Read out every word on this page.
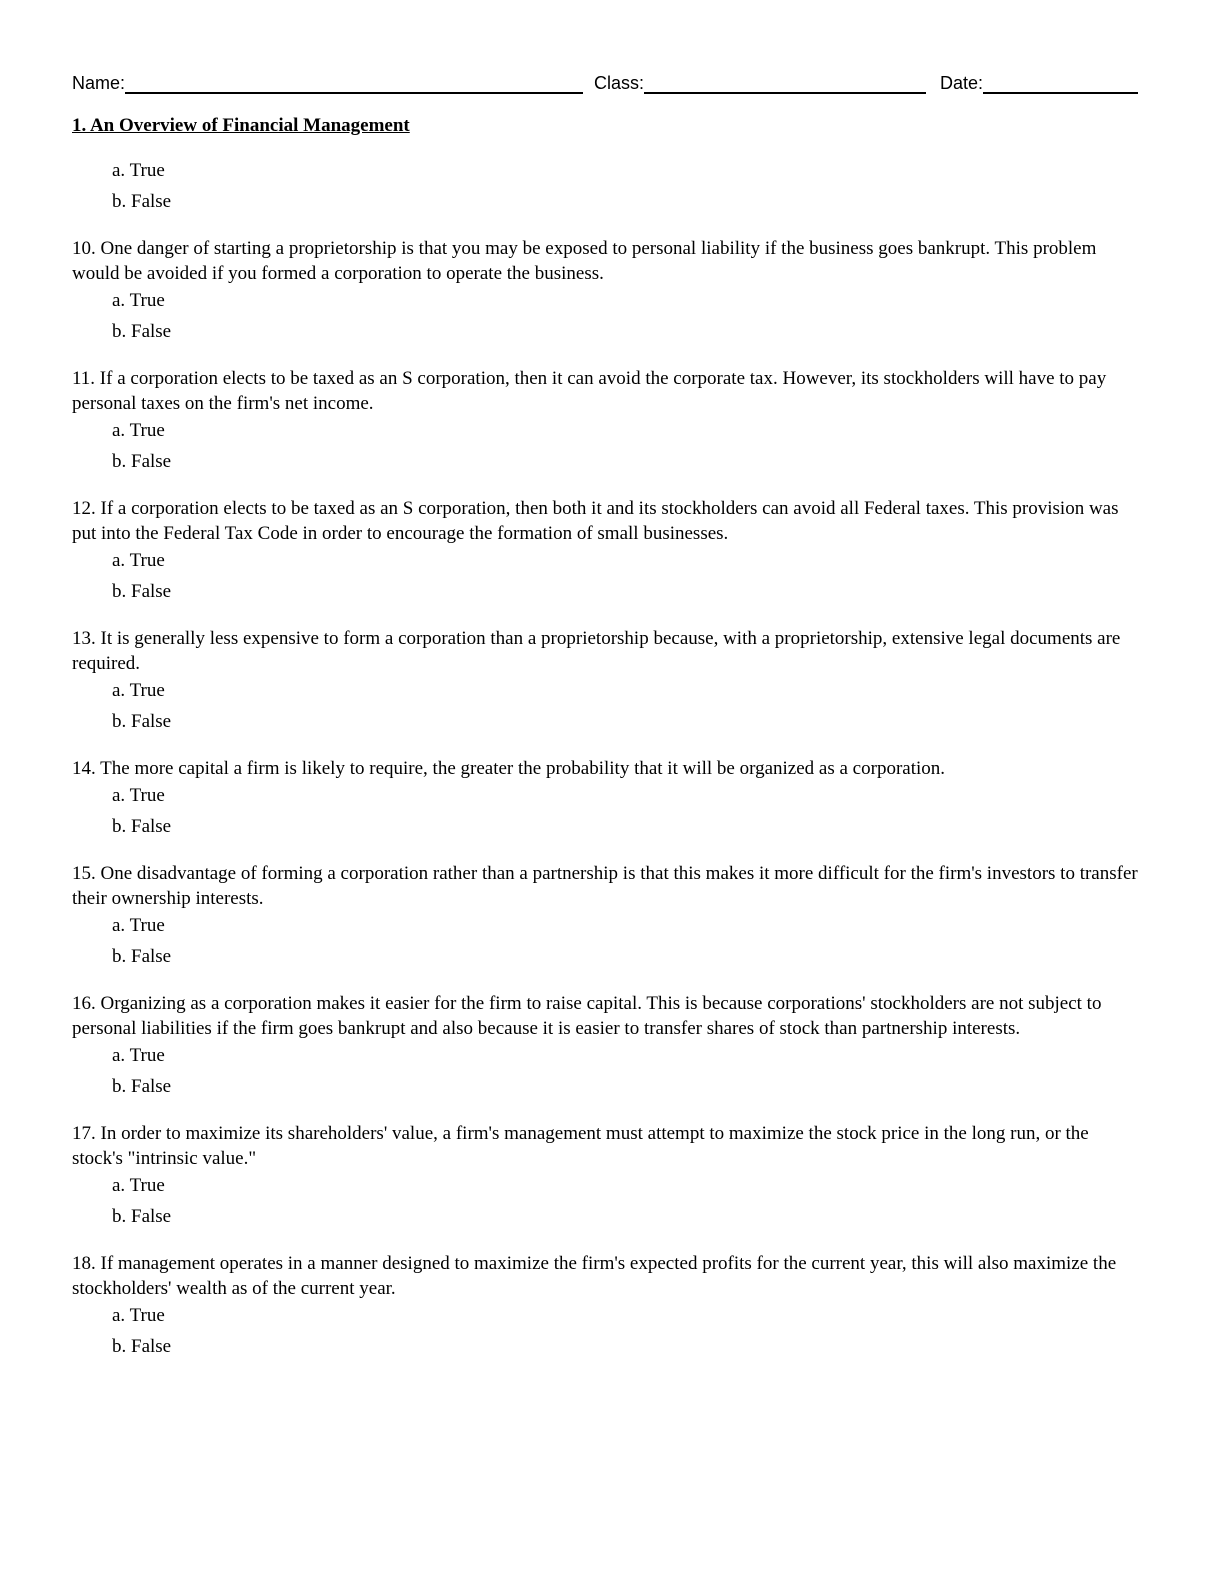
Name:	Class:	Date:
1. An Overview of Financial Management
a. True
b. False

10. One danger of starting a proprietorship is that you may be exposed to personal liability if the business goes bankrupt. This problem would be avoided if you formed a corporation to operate the business.

a. True
b. False

11. If a corporation elects to be taxed as an S corporation, then it can avoid the corporate tax. However, its stockholders will have to pay personal taxes on the firm's net income.

a. True
b. False

12. If a corporation elects to be taxed as an S corporation, then both it and its stockholders can avoid all Federal taxes. This provision was put into the Federal Tax Code in order to encourage the formation of small businesses.

a. True
b. False

13. It is generally less expensive to form a corporation than a proprietorship because, with a proprietorship, extensive legal documents are required.

a. True
b. False

14. The more capital a firm is likely to require, the greater the probability that it will be organized as a corporation.

a. True
b. False

15. One disadvantage of forming a corporation rather than a partnership is that this makes it more difficult for the firm's investors to transfer their ownership interests.

a. True
b. False

16. Organizing as a corporation makes it easier for the firm to raise capital. This is because corporations' stockholders are not subject to personal liabilities if the firm goes bankrupt and also because it is easier to transfer shares of stock than partnership interests.

a. True
b. False

17. In order to maximize its shareholders' value, a firm's management must attempt to maximize the stock price in the long run, or the stock's "intrinsic value."

a. True
b. False

18. If management operates in a manner designed to maximize the firm's expected profits for the current year, this will also maximize the stockholders' wealth as of the current year.

a. True
b. False
